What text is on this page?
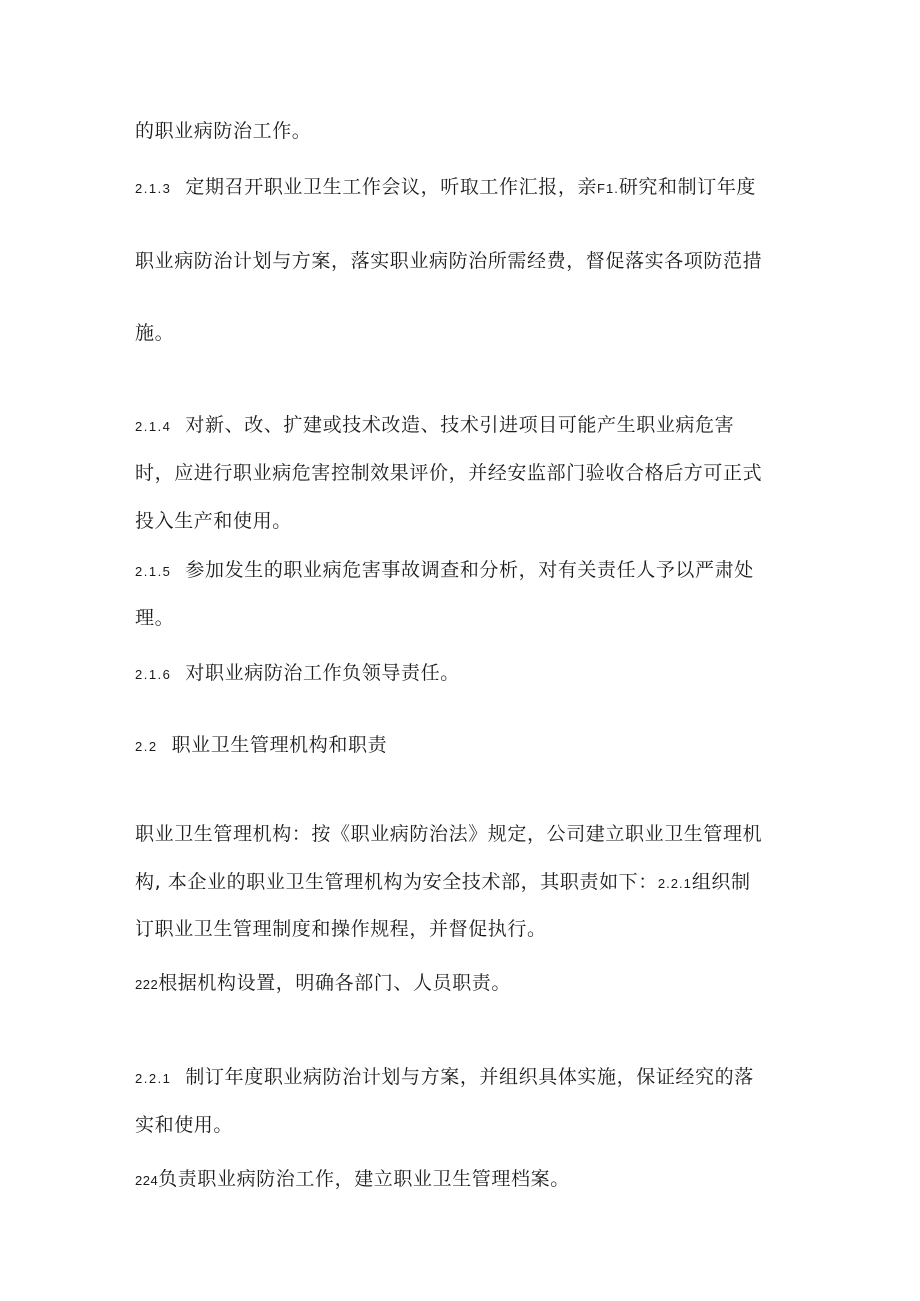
的职业病防治工作。
2.1.3 定期召开职业卫生工作会议，听取工作汇报，亲F1.研究和制订年度
职业病防治计划与方案，落实职业病防治所需经费，督促落实各项防范措
施。
2.1.4 对新、改、扩建或技术改造、技术引进项目可能产生职业病危害
时，应进行职业病危害控制效果评价，并经安监部门验收合格后方可正式
投入生产和使用。
2.1.5 参加发生的职业病危害事故调查和分析，对有关责任人予以严肃处
理。
2.1.6 对职业病防治工作负领导责任。
2.2 职业卫生管理机构和职责
职业卫生管理机构：按《职业病防治法》规定，公司建立职业卫生管理机
构, 本企业的职业卫生管理机构为安全技术部，其职责如下：2.2.1组织制
订职业卫生管理制度和操作规程，并督促执行。
222根据机构设置，明确各部门、人员职责。
2.2.1 制订年度职业病防治计划与方案，并组织具体实施，保证经究的落
实和使用。
224负责职业病防治工作，建立职业卫生管理档案。
